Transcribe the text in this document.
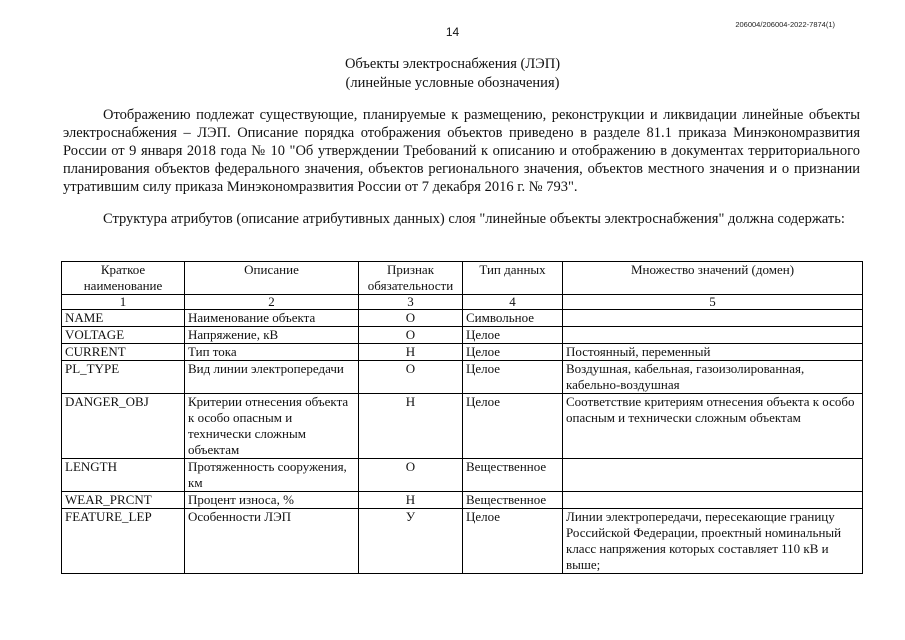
14
206004/206004-2022-7874(1)
Объекты электроснабжения (ЛЭП)
(линейные условные обозначения)

Отображению подлежат существующие, планируемые к размещению, реконструкции и ликвидации линейные объекты электроснабжения – ЛЭП. Описание порядка отображения объектов приведено в разделе 81.1 приказа Минэкономразвития России от 9 января 2018 года № 10 "Об утверждении Требований к описанию и отображению в документах территориального планирования объектов федерального значения, объектов регионального значения, объектов местного значения и о признании утратившим силу приказа Минэкономразвития России от 7 декабря 2016 г. № 793".

Структура атрибутов (описание атрибутивных данных) слоя "линейные объекты электроснабжения" должна содержать:

Краткое наименование	Описание	Признак обязательности	Тип данных	Множество значений (домен)
1	2	3	4	5
NAME	Наименование объекта	О	Символьное	
VOLTAGE	Напряжение, кВ	О	Целое	
CURRENT	Тип тока	Н	Целое	Постоянный, переменный
PL_TYPE	Вид линии электропередачи	О	Целое	Воздушная, кабельная, газоизолированная, кабельно-воздушная
DANGER_OBJ	Критерии отнесения объекта к особо опасным и технически сложным объектам	Н	Целое	Соответствие критериям отнесения объекта к особо опасным и технически сложным объектам
LENGTH	Протяженность сооружения, км	О	Вещественное	
WEAR_PRCNT	Процент износа, %	Н	Вещественное	
FEATURE_LEP	Особенности ЛЭП	У	Целое	Линии электропередачи, пересекающие границу Российской Федерации, проектный номинальный класс напряжения которых составляет 110 кВ и выше;
